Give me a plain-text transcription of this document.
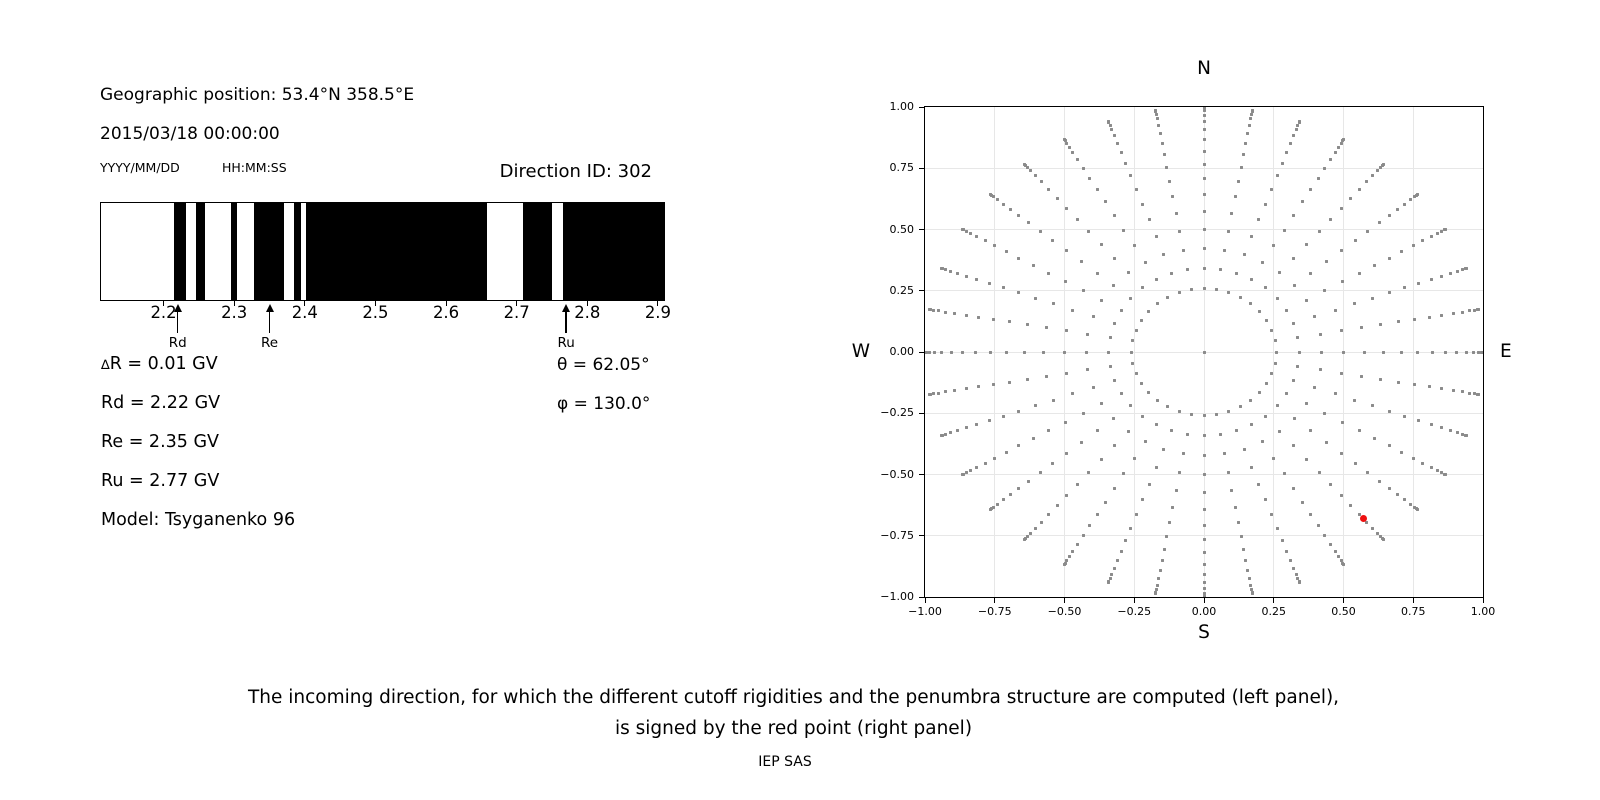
Geographic position: 53.4°N 358.5°E
2015/03/18 00:00:00
YYYY/MM/DD	HH:MM:SS	Direction ID: 302
∆R = 0.01 GV
Rd = 2.22 GV
Re = 2.35 GV
Ru = 2.77 GV
Model: Tsyganenko 96
θ = 62.05°
φ = 130.0°
N
S
W	E
The incoming direction, for which the different cutoff rigidities and the penumbra structure are computed (left panel),
is signed by the red point (right panel)
IEP SAS
2.2	2.3	2.4	2.5	2.6	2.7	2.8	2.9
Rd	Re	Ru
−1.00	−0.75	−0.50	−0.25	0.00	0.25	0.50	0.75	1.00
1.00
0.75
0.50
0.25
0.00
−0.25
−0.50
−0.75
−1.00
